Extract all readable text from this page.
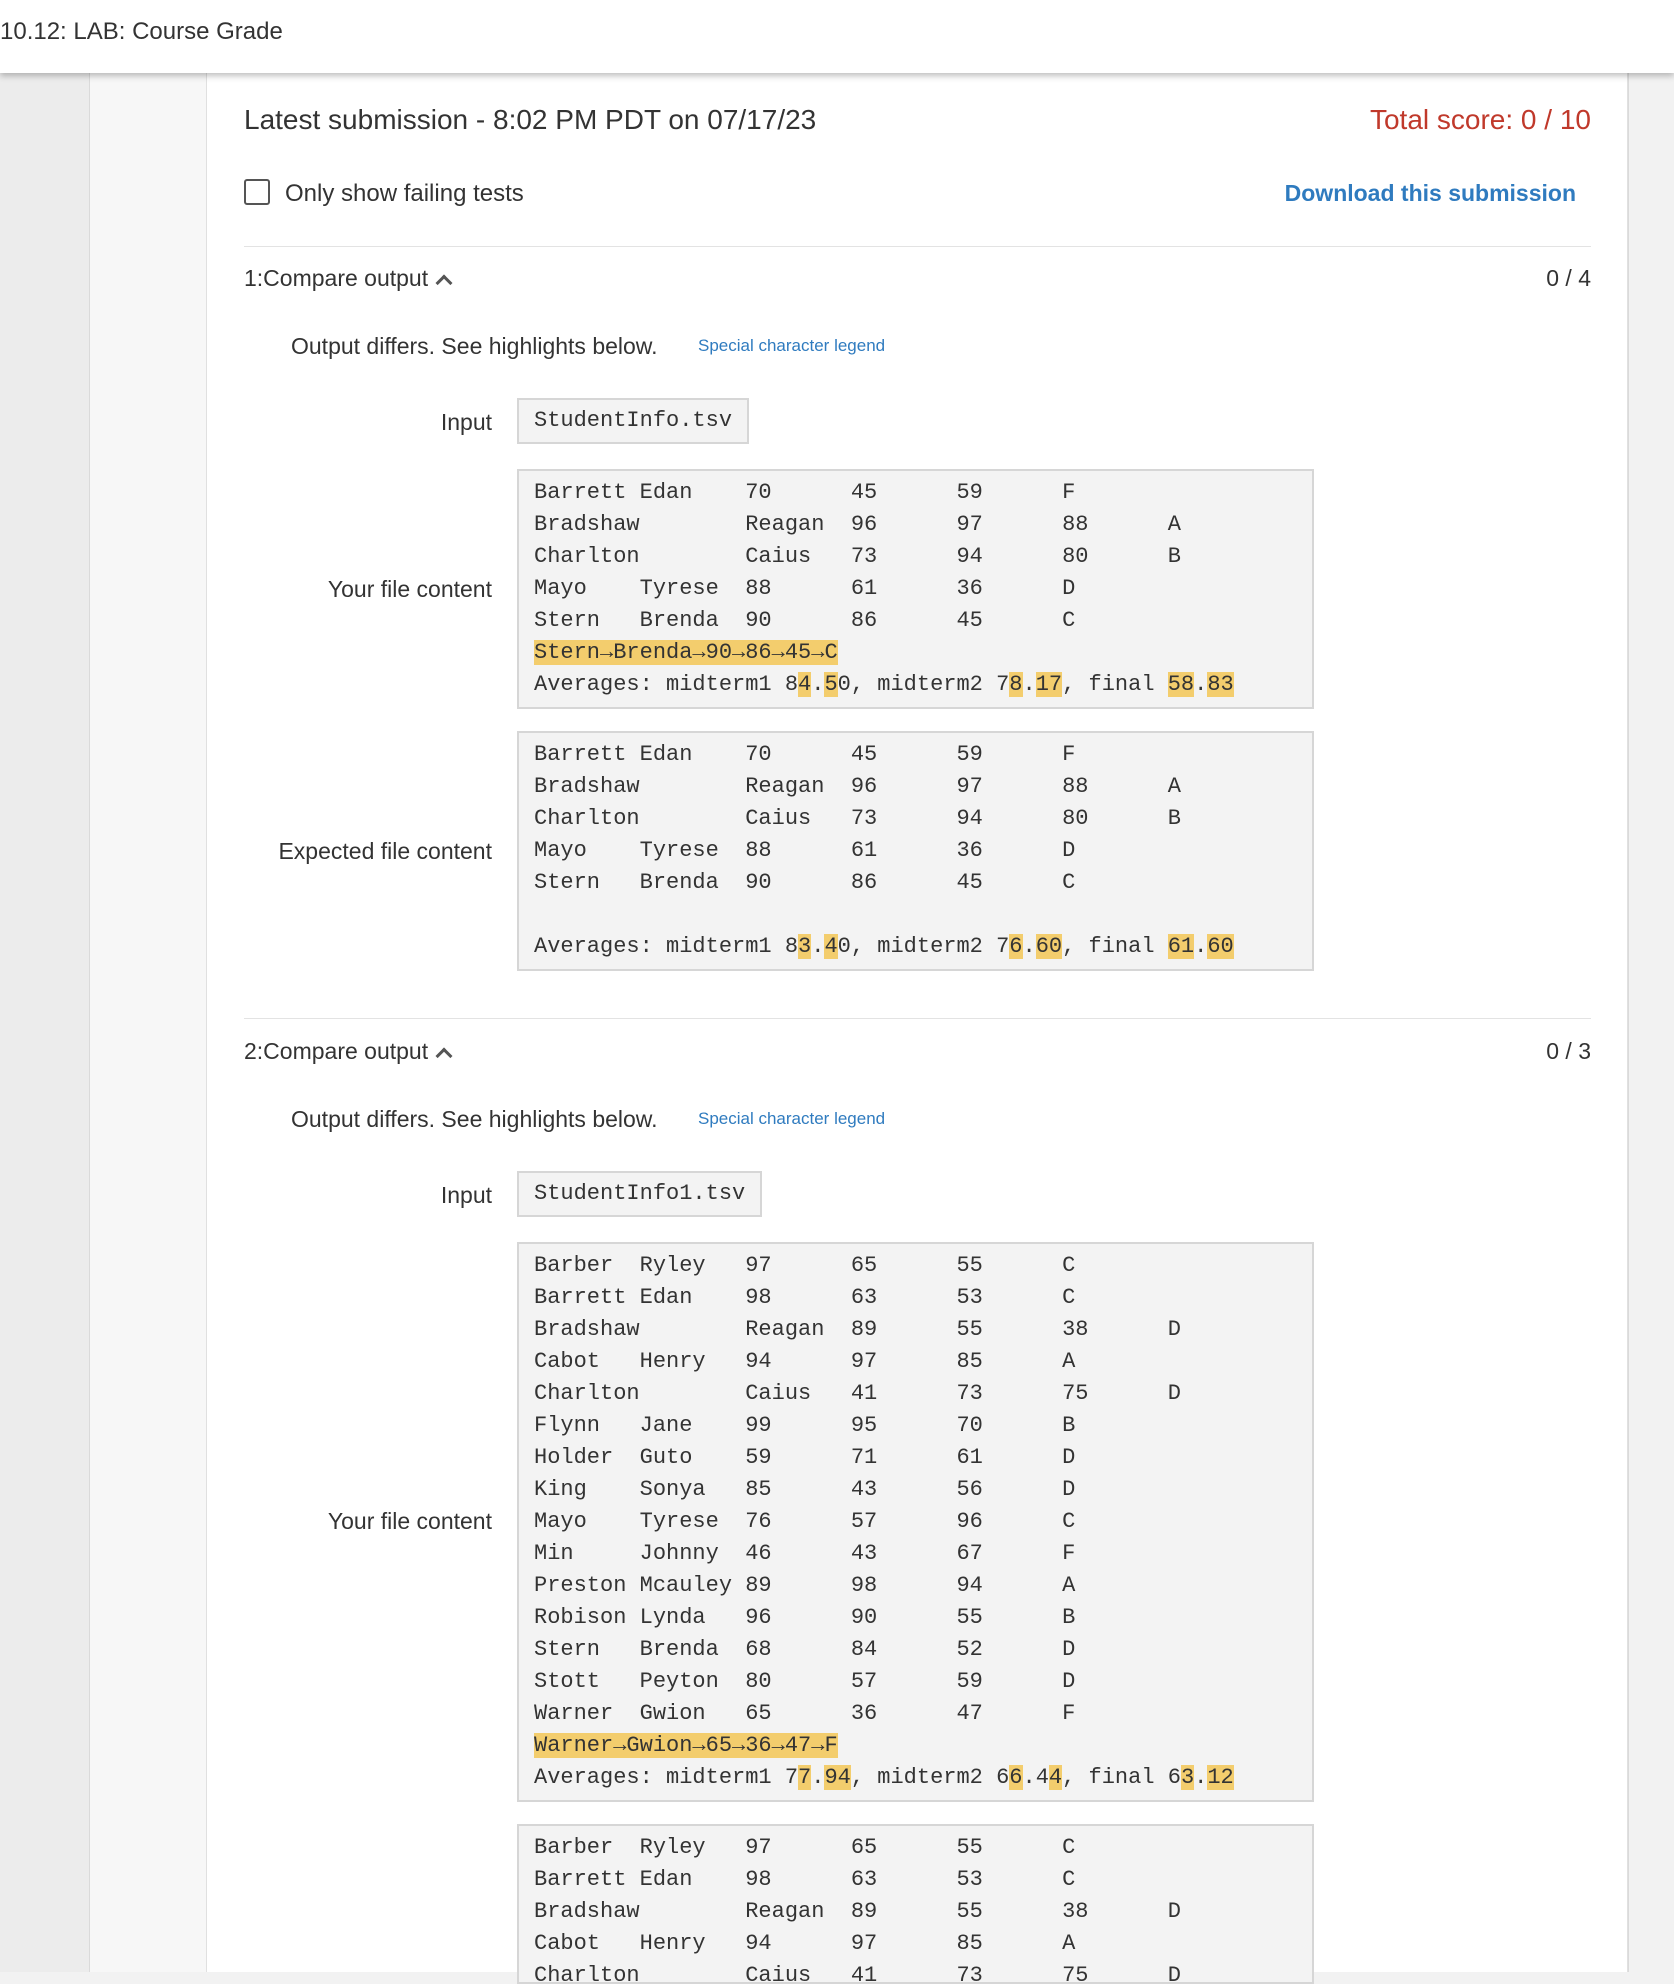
10.12: LAB: Course Grade
Latest submission - 8:02 PM PDT on 07/17/23	Total score: 0 / 10
Only show failing tests	Download this submission
1:Compare output	0 / 4
Output differs. See highlights below. Special character legend
Input	StudentInfo.tsv
Your file content
Barrett Edan    70      45      59      F
Bradshaw        Reagan  96      97      88      A
Charlton        Caius   73      94      80      B
Mayo    Tyrese  88      61      36      D
Stern   Brenda  90      86      45      C
Stern→Brenda→90→86→45→C
Averages: midterm1 84.50, midterm2 78.17, final 58.83
Expected file content
Barrett Edan    70      45      59      F
Bradshaw        Reagan  96      97      88      A
Charlton        Caius   73      94      80      B
Mayo    Tyrese  88      61      36      D
Stern   Brenda  90      86      45      C
Averages: midterm1 83.40, midterm2 76.60, final 61.60
2:Compare output	0 / 3
Output differs. See highlights below. Special character legend
Input	StudentInfo1.tsv
Your file content
Barber  Ryley   97      65      55      C
Barrett Edan    98      63      53      C
Bradshaw        Reagan  89      55      38      D
Cabot   Henry   94      97      85      A
Charlton        Caius   41      73      75      D
Flynn   Jane    99      95      70      B
Holder  Guto    59      71      61      D
King    Sonya   85      43      56      D
Mayo    Tyrese  76      57      96      C
Min     Johnny  46      43      67      F
Preston Mcauley 89      98      94      A
Robison Lynda   96      90      55      B
Stern   Brenda  68      84      52      D
Stott   Peyton  80      57      59      D
Warner  Gwion   65      36      47      F
Warner→Gwion→65→36→47→F
Averages: midterm1 77.94, midterm2 66.44, final 63.12
Barber  Ryley   97      65      55      C
Barrett Edan    98      63      53      C
Bradshaw        Reagan  89      55      38      D
Cabot   Henry   94      97      85      A
Charlton        Caius   41      73      75      D
